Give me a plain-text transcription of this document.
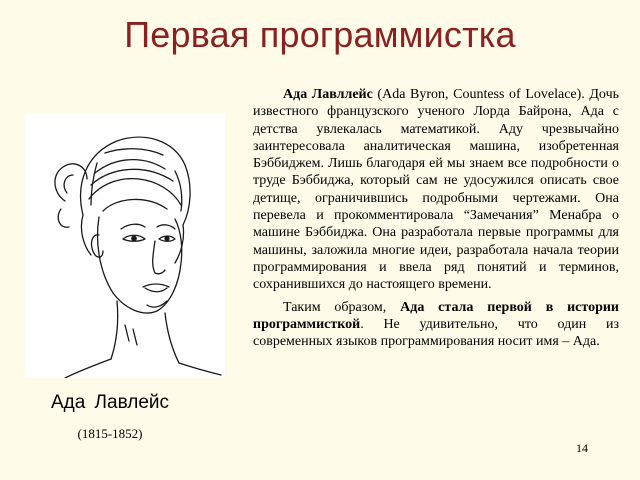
Первая программистка
Ада Лавлейс
(1815-1852)

Ада Лавллейс (Ada Byron, Countess of Lovelace). Дочь известного французского ученого Лорда Байрона, Ада с детства увлекалась математикой. Аду чрезвычайно заинтересовала аналитическая машина, изобретенная Бэббиджем. Лишь благодаря ей мы знаем все подробности о труде Бэббиджа, который сам не удосужился описать свое детище, ограничившись подробными чертежами. Она перевела и прокомментировала “Замечания” Менабра о машине Бэббиджа. Она разработала первые программы для машины, заложила многие идеи, разработала начала теории программирования и ввела ряд понятий и терминов, сохранившихся до настоящего времени.

Таким образом, Ада стала первой в истории программисткой. Не удивительно, что один из современных языков программирования носит имя – Ада.

14
